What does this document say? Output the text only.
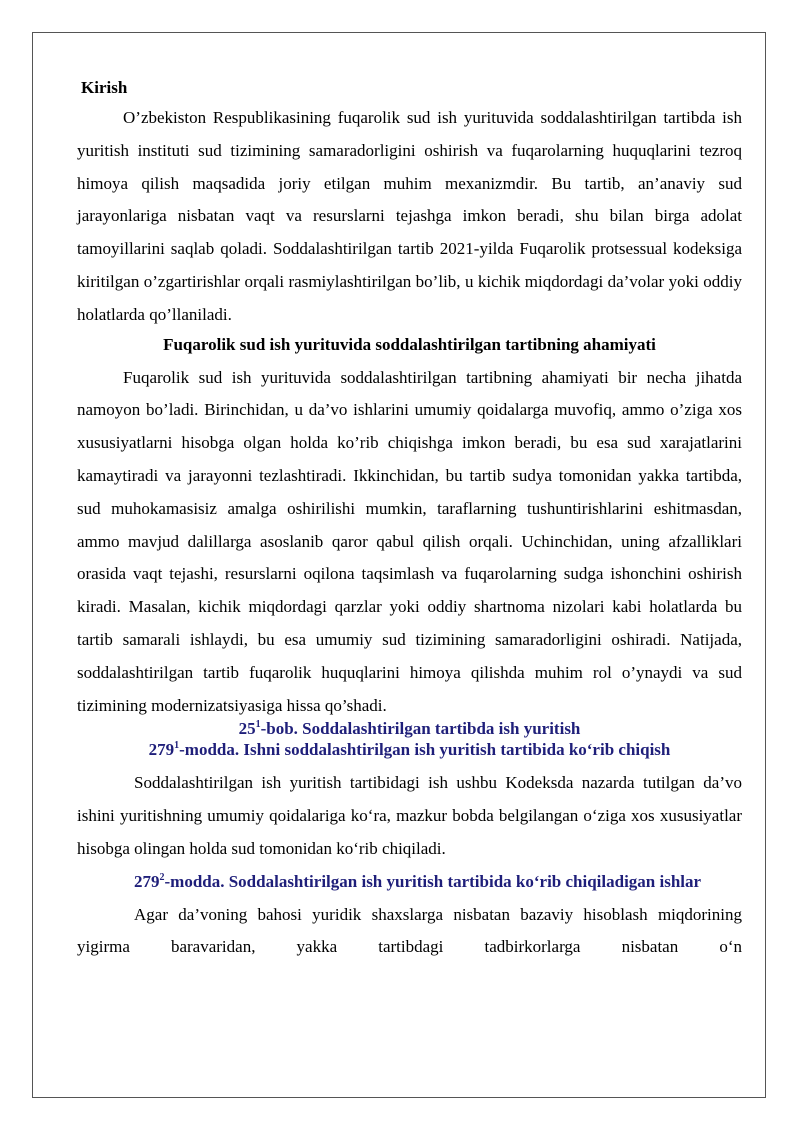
Kirish

O’zbekiston Respublikasining fuqarolik sud ish yurituvida soddalashtirilgan tartibda ish yuritish instituti sud tizimining samaradorligini oshirish va fuqarolarning huquqlarini tezroq himoya qilish maqsadida joriy etilgan muhim mexanizmdir. Bu tartib, an’anaviy sud jarayonlariga nisbatan vaqt va resurslarni tejashga imkon beradi, shu bilan birga adolat tamoyillarini saqlab qoladi. Soddalashtirilgan tartib 2021-yilda Fuqarolik protsessual kodeksiga kiritilgan o’zgartirishlar orqali rasmiylashtirilgan bo’lib, u kichik miqdordagi da’volar yoki oddiy holatlarda qo’llaniladi.

Fuqarolik sud ish yurituvida soddalashtirilgan tartibning ahamiyati

Fuqarolik sud ish yurituvida soddalashtirilgan tartibning ahamiyati bir necha jihatda namoyon bo’ladi. Birinchidan, u da’vo ishlarini umumiy qoidalarga muvofiq, ammo o’ziga xos xususiyatlarni hisobga olgan holda ko’rib chiqishga imkon beradi, bu esa sud xarajatlarini kamaytiradi va jarayonni tezlashtiradi. Ikkinchidan, bu tartib sudya tomonidan yakka tartibda, sud muhokamasisiz amalga oshirilishi mumkin, taraflarning tushuntirishlarini eshitmasdan, ammo mavjud dalillarga asoslanib qaror qabul qilish orqali. Uchinchidan, uning afzalliklari orasida vaqt tejashi, resurslarni oqilona taqsimlash va fuqarolarning sudga ishonchini oshirish kiradi. Masalan, kichik miqdordagi qarzlar yoki oddiy shartnoma nizolari kabi holatlarda bu tartib samarali ishlaydi, bu esa umumiy sud tizimining samaradorligini oshiradi. Natijada, soddalashtirilgan tartib fuqarolik huquqlarini himoya qilishda muhim rol o’ynaydi va sud tizimining modernizatsiyasiga hissa qo’shadi.

$25^1$-bob. Soddalashtirilgan tartibda ish yuritish
$279^1$-modda. Ishni soddalashtirilgan ish yuritish tartibida ko‘rib chiqish

Soddalashtirilgan ish yuritish tartibidagi ish ushbu Kodeksda nazarda tutilgan da’vo ishini yuritishning umumiy qoidalariga ko‘ra, mazkur bobda belgilangan o‘ziga xos xususiyatlar hisobga olingan holda sud tomonidan ko‘rib chiqiladi.

$279^2$-modda. Soddalashtirilgan ish yuritish tartibida ko‘rib chiqiladigan ishlar

Agar da’voning bahosi yuridik shaxslarga nisbatan bazaviy hisoblash miqdorining yigirma baravaridan, yakka tartibdagi tadbirkorlarga nisbatan o‘n
